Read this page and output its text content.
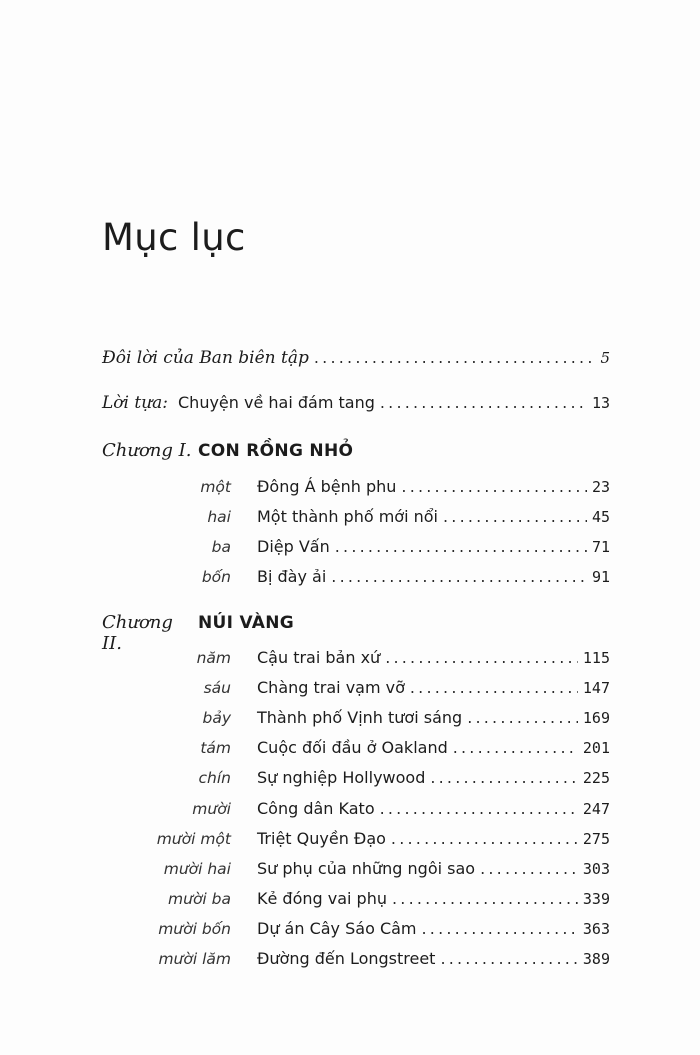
Mục lục
Đôi lời của Ban biên tập .....	5
Lời tựa: Chuyện về hai đám tang .....	13
Chương I. CON RỒNG NHỎ
một Đông Á bệnh phu .....	23
hai Một thành phố mới nổi .....	45
ba Diệp Vấn .....	71
bốn Bị đày ải .....	91
Chương II.
NÚI VÀNG
năm Cậu trai bản xứ .....	115
sáu Chàng trai vạm vỡ .....	147
bảy Thành phố Vịnh tươi sáng .....	169
tám Cuộc đối đầu ở Oakland .....	201
chín Sự nghiệp Hollywood .....	225
mười Công dân Kato .....	247
mười một Triệt Quyền Đạo .....	275
mười hai Sư phụ của những ngôi sao .....	303
mười ba Kẻ đóng vai phụ .....	339
mười bốn Dự án Cây Sáo Câm .....	363
mười lăm Đường đến Longstreet .....	389
